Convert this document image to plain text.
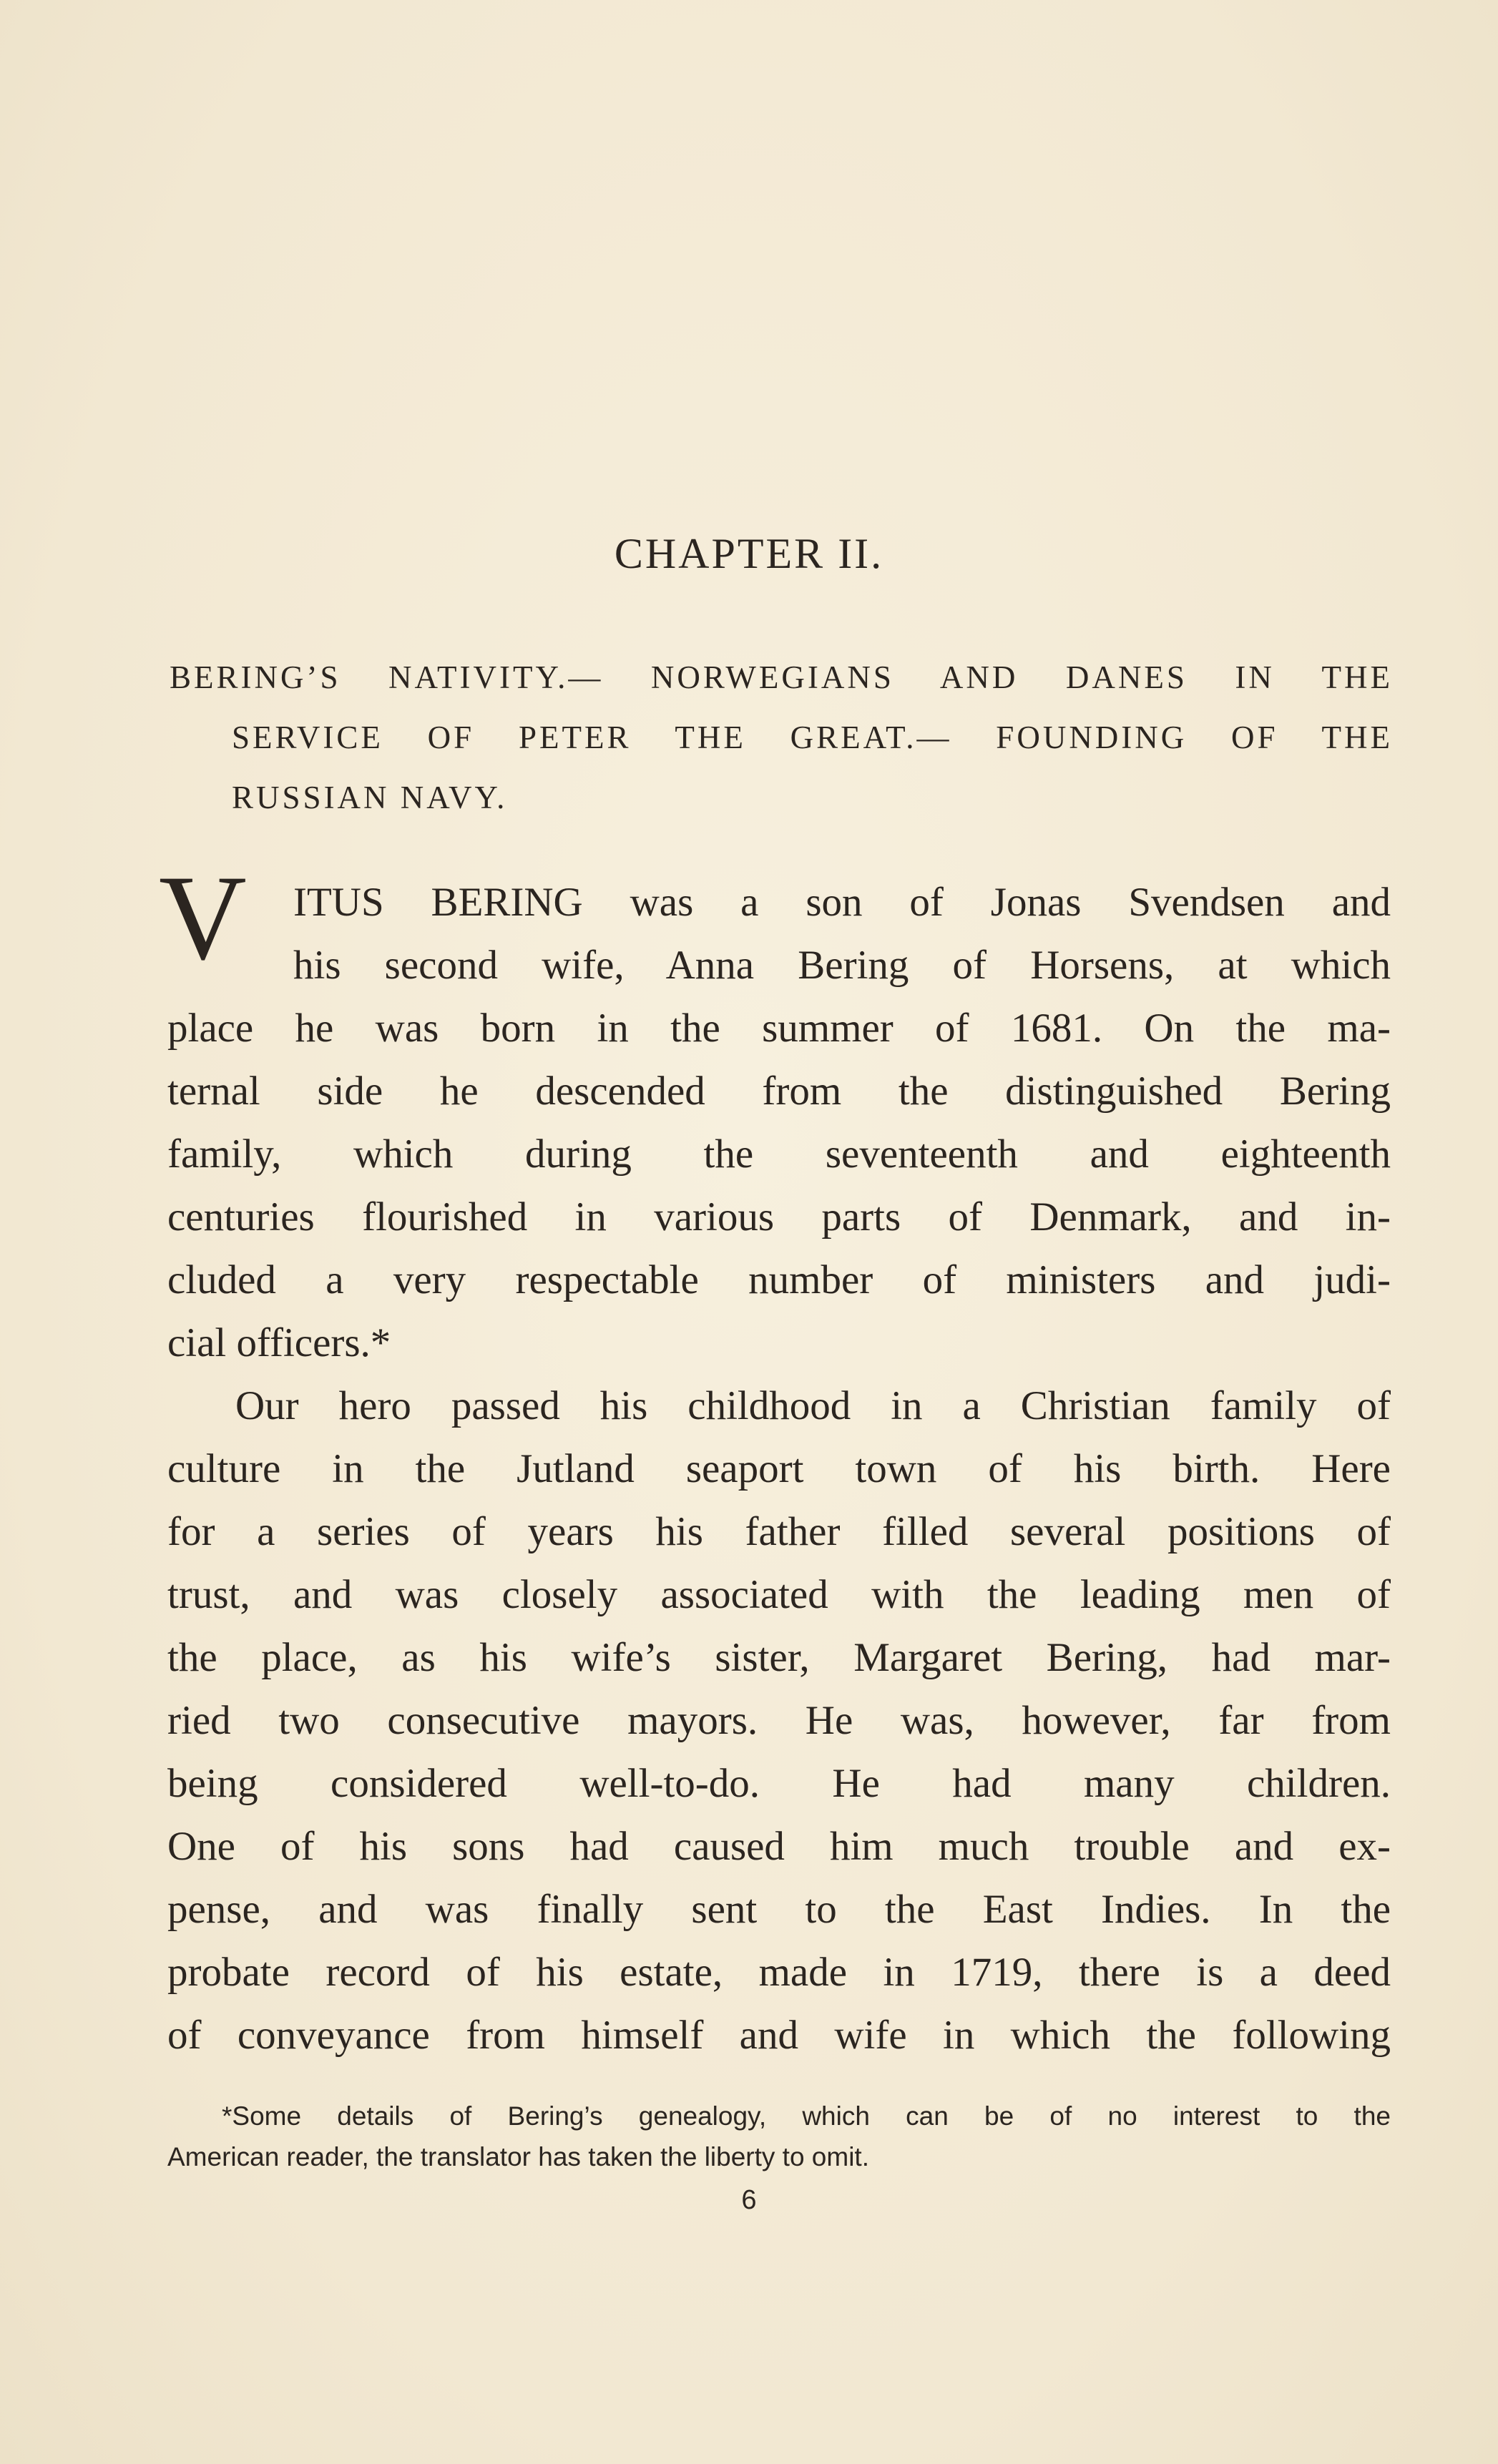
CHAPTER II.
BERING’S NATIVITY.— NORWEGIANS AND DANES IN THE
SERVICE OF PETER THE GREAT.— FOUNDING OF THE
RUSSIAN NAVY.
V	ITUS BERING was a son of Jonas Svendsen and
his second wife, Anna Bering of Horsens, at which
place he was born in the summer of 1681. On the ma-
ternal side he descended from the distinguished Bering
family, which during the seventeenth and eighteenth
centuries flourished in various parts of Denmark, and in-
cluded a very respectable number of ministers and judi-
cial officers.*
Our hero passed his childhood in a Christian family of
culture in the Jutland seaport town of his birth. Here
for a series of years his father filled several positions of
trust, and was closely associated with the leading men of
the place, as his wife’s sister, Margaret Bering, had mar-
ried two consecutive mayors. He was, however, far from
being considered well-to-do. He had many children.
One of his sons had caused him much trouble and ex-
pense, and was finally sent to the East Indies. In the
probate record of his estate, made in 1719, there is a deed
of conveyance from himself and wife in which the following
*Some details of Bering’s genealogy, which can be of no interest to the
American reader, the translator has taken the liberty to omit.
6
